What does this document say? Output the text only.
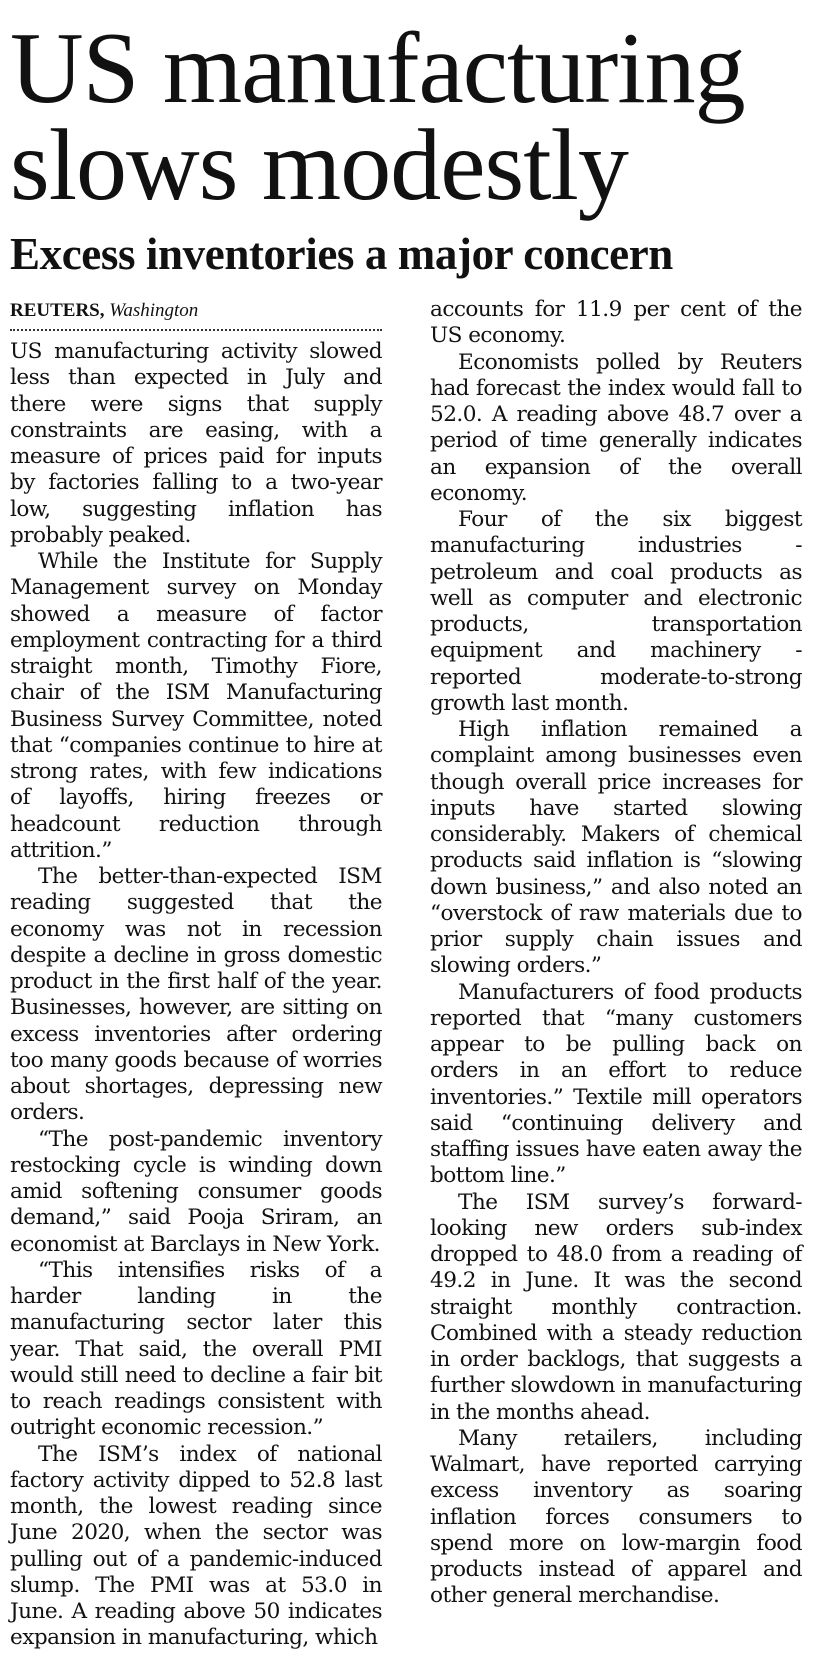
US manufacturing slows modestly
Excess inventories a major concern
REUTERS, Washington

US manufacturing activity slowed less than expected in July and there were signs that supply constraints are easing, with a measure of prices paid for inputs by factories falling to a two-year low, suggesting inflation has probably peaked.

While the Institute for Supply Management survey on Monday showed a measure of factor employment contracting for a third straight month, Timothy Fiore, chair of the ISM Manufacturing Business Survey Committee, noted that “companies continue to hire at strong rates, with few indications of layoffs, hiring freezes or headcount reduction through attrition.”

The better-than-expected ISM reading suggested that the economy was not in recession despite a decline in gross domestic product in the first half of the year. Businesses, however, are sitting on excess inventories after ordering too many goods because of worries about shortages, depressing new orders.

“The post-pandemic inventory restocking cycle is winding down amid softening consumer goods demand,” said Pooja Sriram, an economist at Barclays in New York.

“This intensifies risks of a harder landing in the manufacturing sector later this year. That said, the overall PMI would still need to decline a fair bit to reach readings consistent with outright economic recession.”

The ISM’s index of national factory activity dipped to 52.8 last month, the lowest reading since June 2020, when the sector was pulling out of a pandemic-induced slump. The PMI was at 53.0 in June. A reading above 50 indicates expansion in manufacturing, which

accounts for 11.9 per cent of the US economy.

Economists polled by Reuters had forecast the index would fall to 52.0. A reading above 48.7 over a period of time generally indicates an expansion of the overall economy.

Four of the six biggest manufacturing industries - petroleum and coal products as well as computer and electronic products, transportation equipment and machinery - reported moderate-to-strong growth last month.

High inflation remained a complaint among businesses even though overall price increases for inputs have started slowing considerably. Makers of chemical products said inflation is “slowing down business,” and also noted an “overstock of raw materials due to prior supply chain issues and slowing orders.”

Manufacturers of food products reported that “many customers appear to be pulling back on orders in an effort to reduce inventories.” Textile mill operators said “continuing delivery and staffing issues have eaten away the bottom line.”

The ISM survey’s forward-looking new orders sub-index dropped to 48.0 from a reading of 49.2 in June. It was the second straight monthly contraction. Combined with a steady reduction in order backlogs, that suggests a further slowdown in manufacturing in the months ahead.

Many retailers, including Walmart, have reported carrying excess inventory as soaring inflation forces consumers to spend more on low-margin food products instead of apparel and other general merchandise.
